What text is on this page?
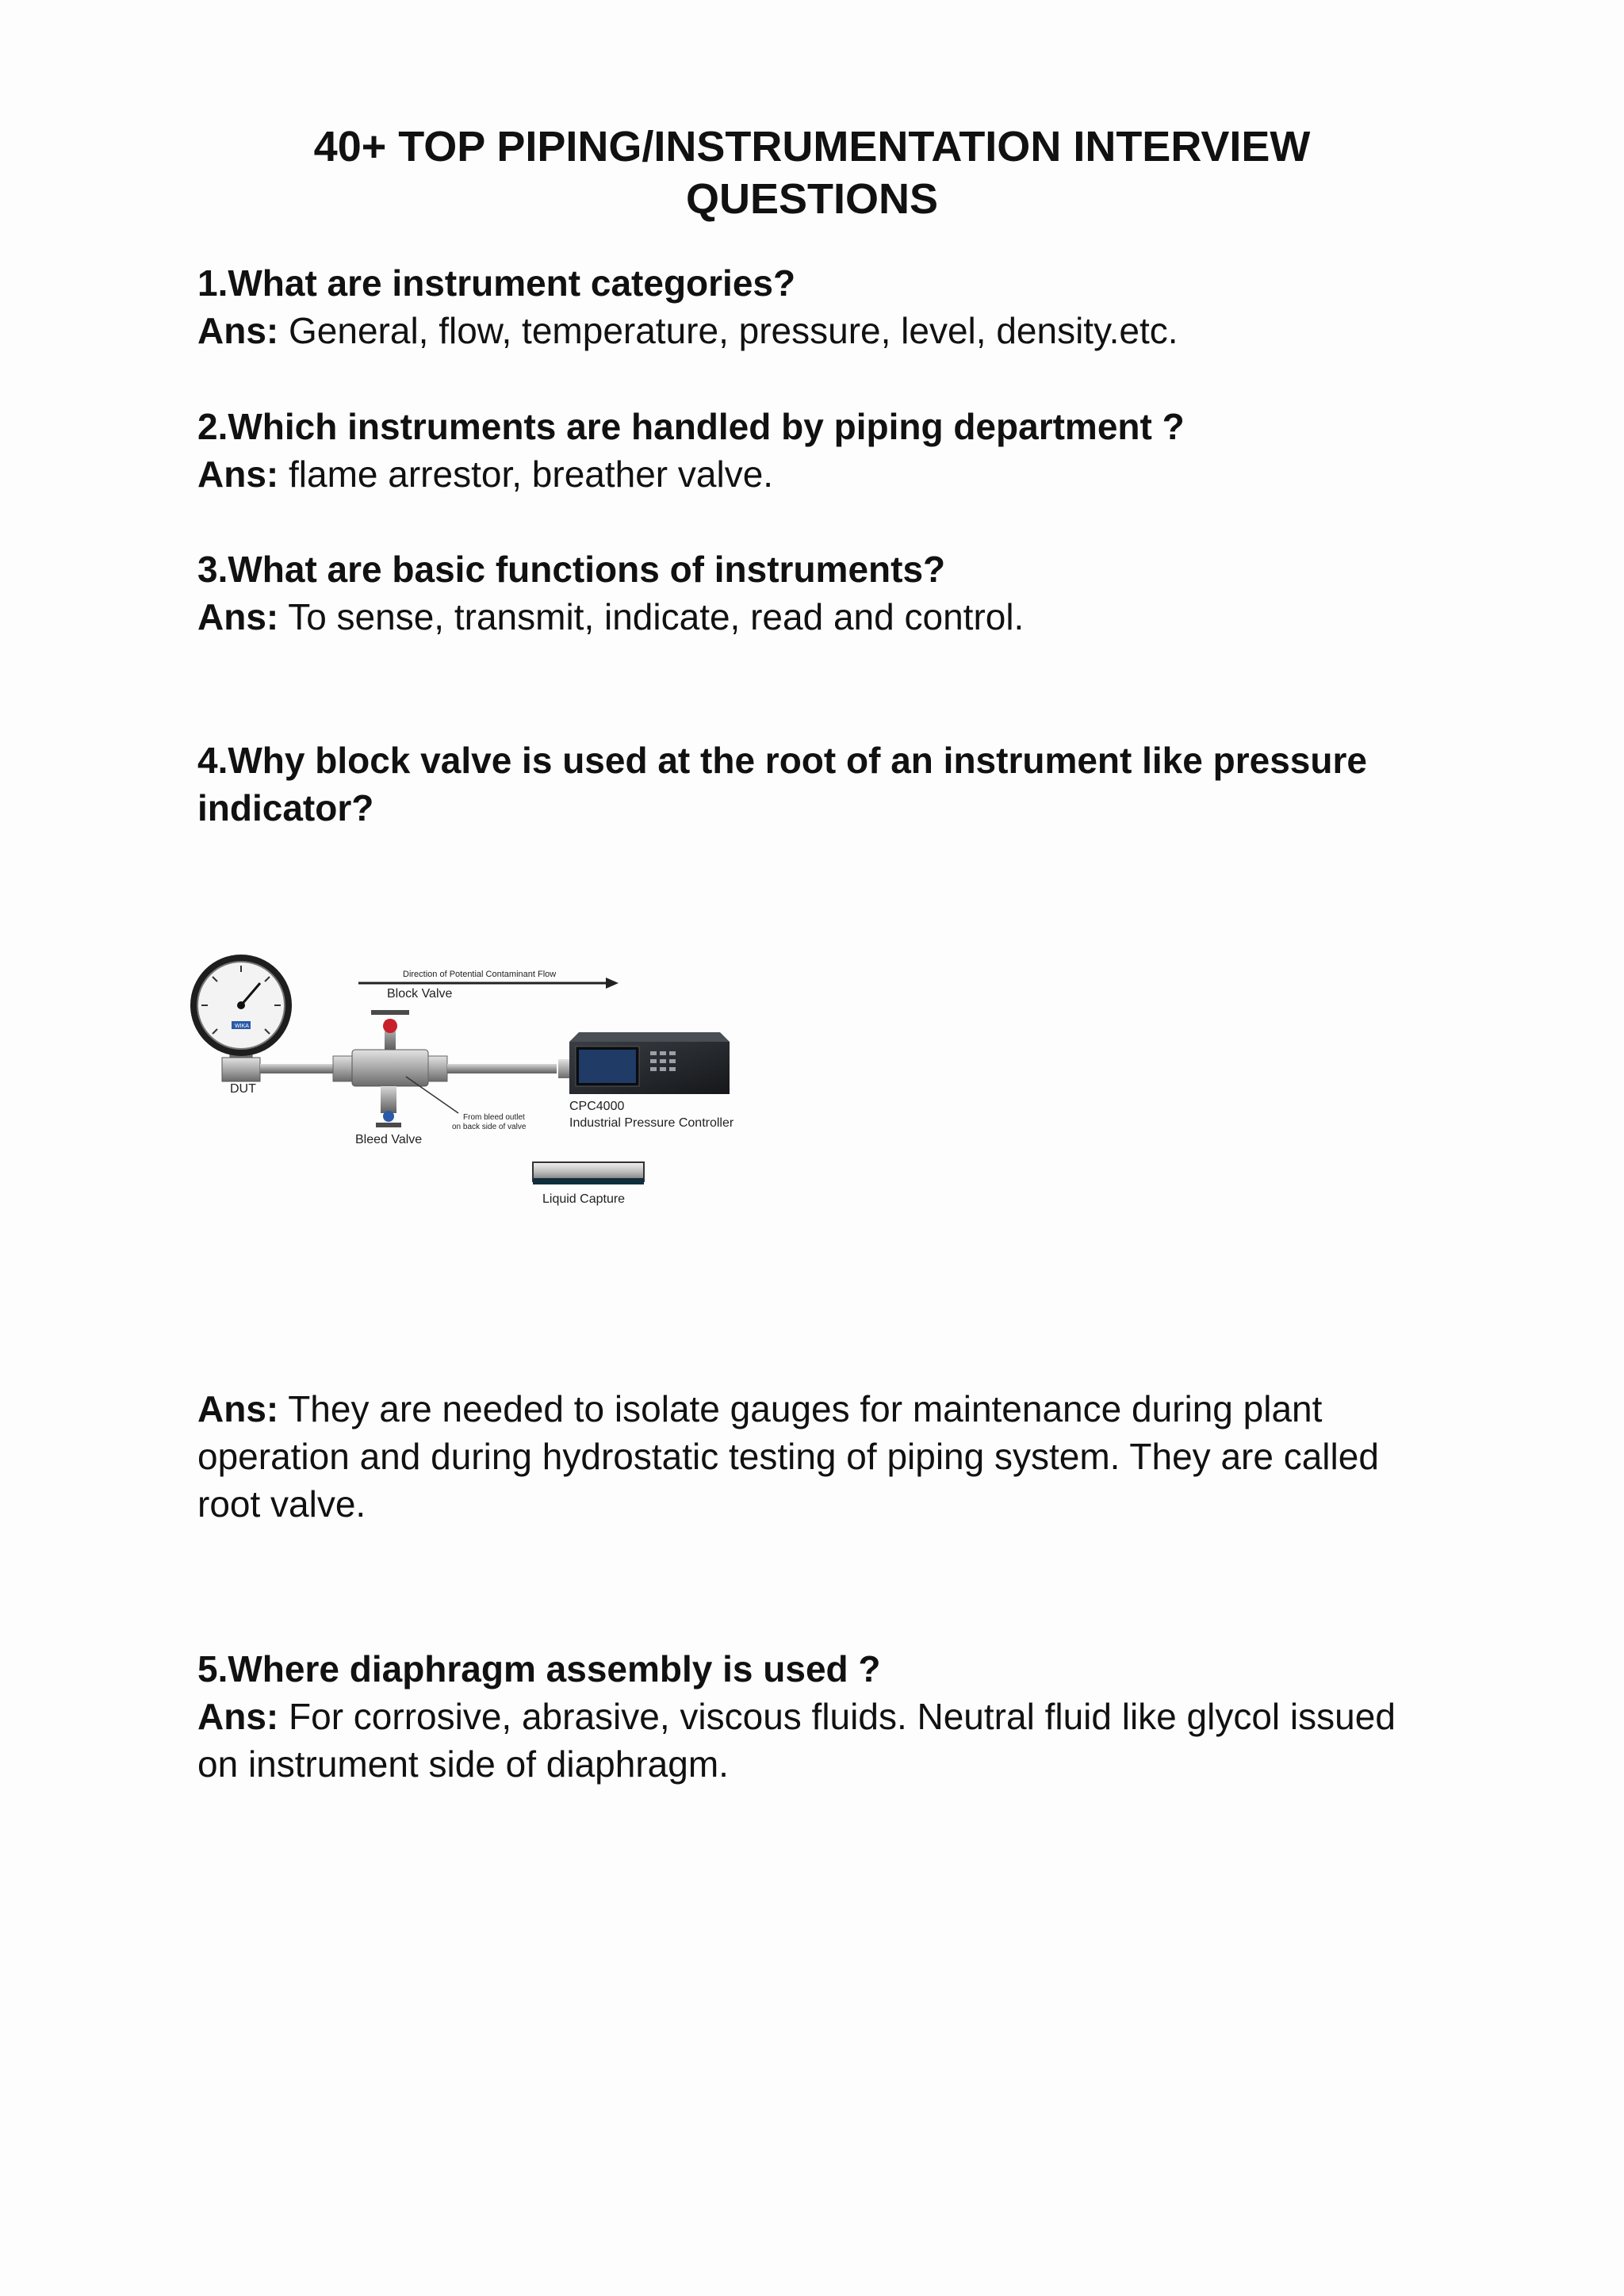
40+ TOP PIPING/INSTRUMENTATION INTERVIEW QUESTIONS

1.What are instrument categories?

Ans: General, flow, temperature, pressure, level, density.etc.

2.Which instruments are handled by piping department ?

Ans: flame arrestor, breather valve.

3.What are basic functions of instruments?

Ans: To sense, transmit, indicate, read and control.

4.Why block valve is used at the root of an instrument like pressure indicator?

Direction of Potential Contaminant Flow
WIKA
DUT
Block Valve
Bleed Valve
From bleed outlet
on back side of valve
CPC4000
Industrial Pressure Controller
Liquid Capture

Ans: They are needed to isolate gauges for maintenance during plant operation and during hydrostatic testing of piping system. They are called root valve.

5.Where diaphragm assembly is used ?

Ans: For corrosive, abrasive, viscous fluids. Neutral fluid like glycol issued on instrument side of diaphragm.
